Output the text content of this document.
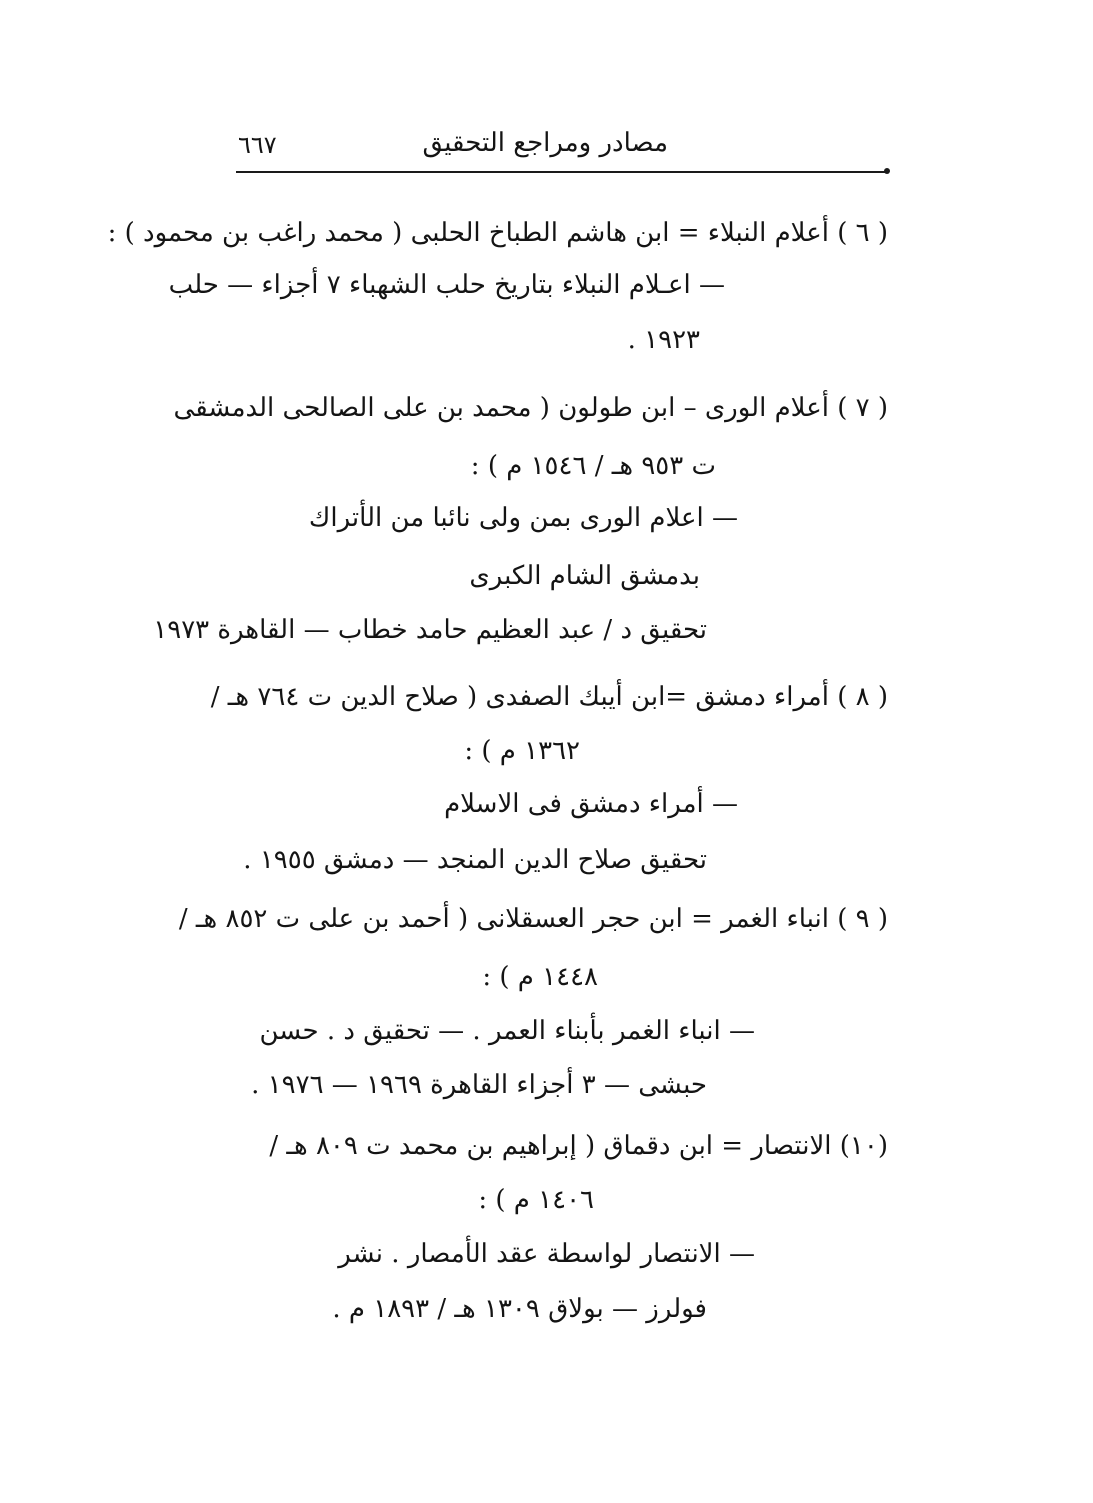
مصادر ومراجع التحقيق
٦٦٧
( ٦ ) أعلام النبلاء = ابن هاشم الطباخ الحلبى ( محمد راغب بن محمود ) :
— اعـلام النبلاء بتاريخ حلب الشهباء ٧ أجزاء — حلب
١٩٢٣ .
( ٧ ) أعلام الورى – ابن طولون ( محمد بن على الصالحى الدمشقى
ت ٩٥٣ هـ / ١٥٤٦ م ) :
— اعلام الورى بمن ولى نائبا من الأتراك
بدمشق الشام الكبرى
تحقيق د / عبد العظيم حامد خطاب — القاهرة ١٩٧٣
( ٨ ) أمراء دمشق =ابن أيبك الصفدى ( صلاح الدين ت ٧٦٤ هـ /
١٣٦٢ م ) :
— أمراء دمشق فى الاسلام
تحقيق صلاح الدين المنجد — دمشق ١٩٥٥ .
( ٩ ) انباء الغمر = ابن حجر العسقلانى ( أحمد بن على ت ٨٥٢ هـ /
١٤٤٨ م ) :
— انباء الغمر بأبناء العمر . — تحقيق د . حسن
حبشى — ٣ أجزاء القاهرة ١٩٦٩ — ١٩٧٦ .
(١٠) الانتصار = ابن دقماق ( إبراهيم بن محمد ت ٨٠٩ هـ /
١٤٠٦ م ) :
— الانتصار لواسطة عقد الأمصار . نشر
فولرز — بولاق ١٣٠٩ هـ / ١٨٩٣ م .
